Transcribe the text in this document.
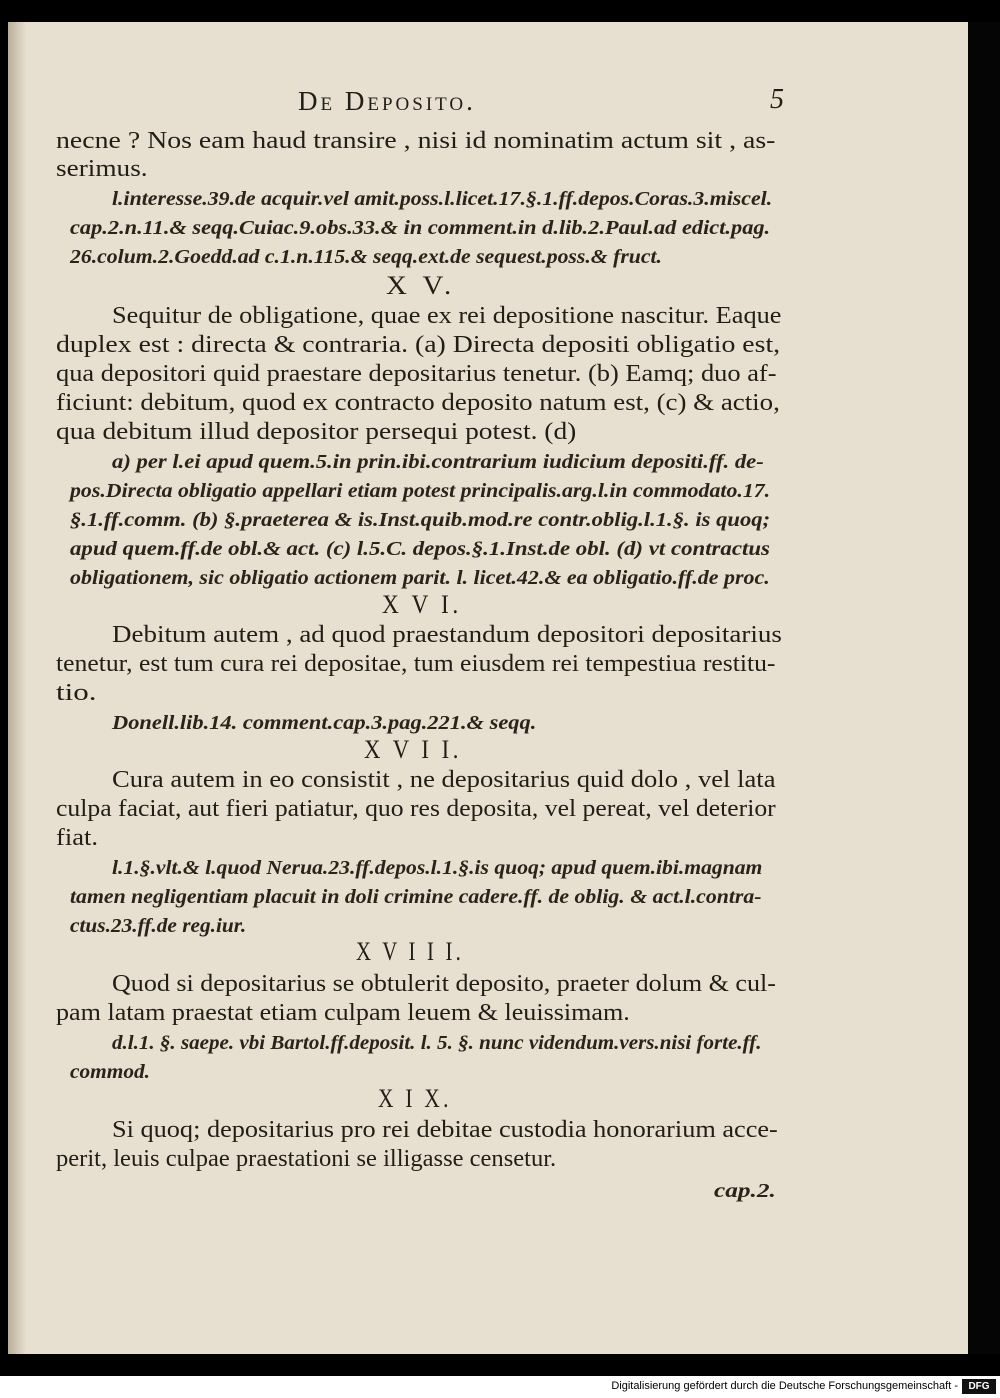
De Deposito.	5
necne ? Nos eam haud transire , nisi id nominatim actum sit , as-
serimus.
l.interesse.39.de acquir.vel amit.poss.l.licet.17.§.1.ff.depos.Coras.3.miscel.
cap.2.n.11.& seqq.Cuiac.9.obs.33.& in comment.in d.lib.2.Paul.ad edict.pag.
26.colum.2.Goedd.ad c.1.n.115.& seqq.ext.de sequest.poss.& fruct.
X V.
Sequitur de obligatione, quae ex rei depositione nascitur. Eaque
duplex est : directa & contraria. (a) Directa depositi obligatio est,
qua depositori quid praestare depositarius tenetur. (b) Eamq; duo af-
ficiunt: debitum, quod ex contracto deposito natum est, (c) & actio,
qua debitum illud depositor persequi potest. (d)
a) per l.ei apud quem.5.in prin.ibi.contrarium iudicium depositi.ff. de-
pos.Directa obligatio appellari etiam potest principalis.arg.l.in commodato.17.
§.1.ff.comm. (b) §.praeterea & is.Inst.quib.mod.re contr.oblig.l.1.§. is quoq;
apud quem.ff.de obl.& act. (c) l.5.C. depos.§.1.Inst.de obl. (d) vt contractus
obligationem, sic obligatio actionem parit. l. licet.42.& ea obligatio.ff.de proc.
X V I.
Debitum autem , ad quod praestandum depositori depositarius
tenetur, est tum cura rei depositae, tum eiusdem rei tempestiua restitu-
tio.
Donell.lib.14. comment.cap.3.pag.221.& seqq.
X V I I.
Cura autem in eo consistit , ne depositarius quid dolo , vel lata
culpa faciat, aut fieri patiatur, quo res deposita, vel pereat, vel deterior
fiat.
l.1.§.vlt.& l.quod Nerua.23.ff.depos.l.1.§.is quoq; apud quem.ibi.magnam
tamen negligentiam placuit in doli crimine cadere.ff. de oblig. & act.l.contra-
ctus.23.ff.de reg.iur.
X V I I I.
Quod si depositarius se obtulerit deposito, praeter dolum & cul-
pam latam praestat etiam culpam leuem & leuissimam.
d.l.1. §. saepe. vbi Bartol.ff.deposit. l. 5. §. nunc videndum.vers.nisi forte.ff.
commod.
X I X.
Si quoq; depositarius pro rei debitae custodia honorarium acce-
perit, leuis culpae praestationi se illigasse censetur.
cap.2.
Digitalisierung gefördert durch die Deutsche Forschungsgemeinschaft -	DFG
